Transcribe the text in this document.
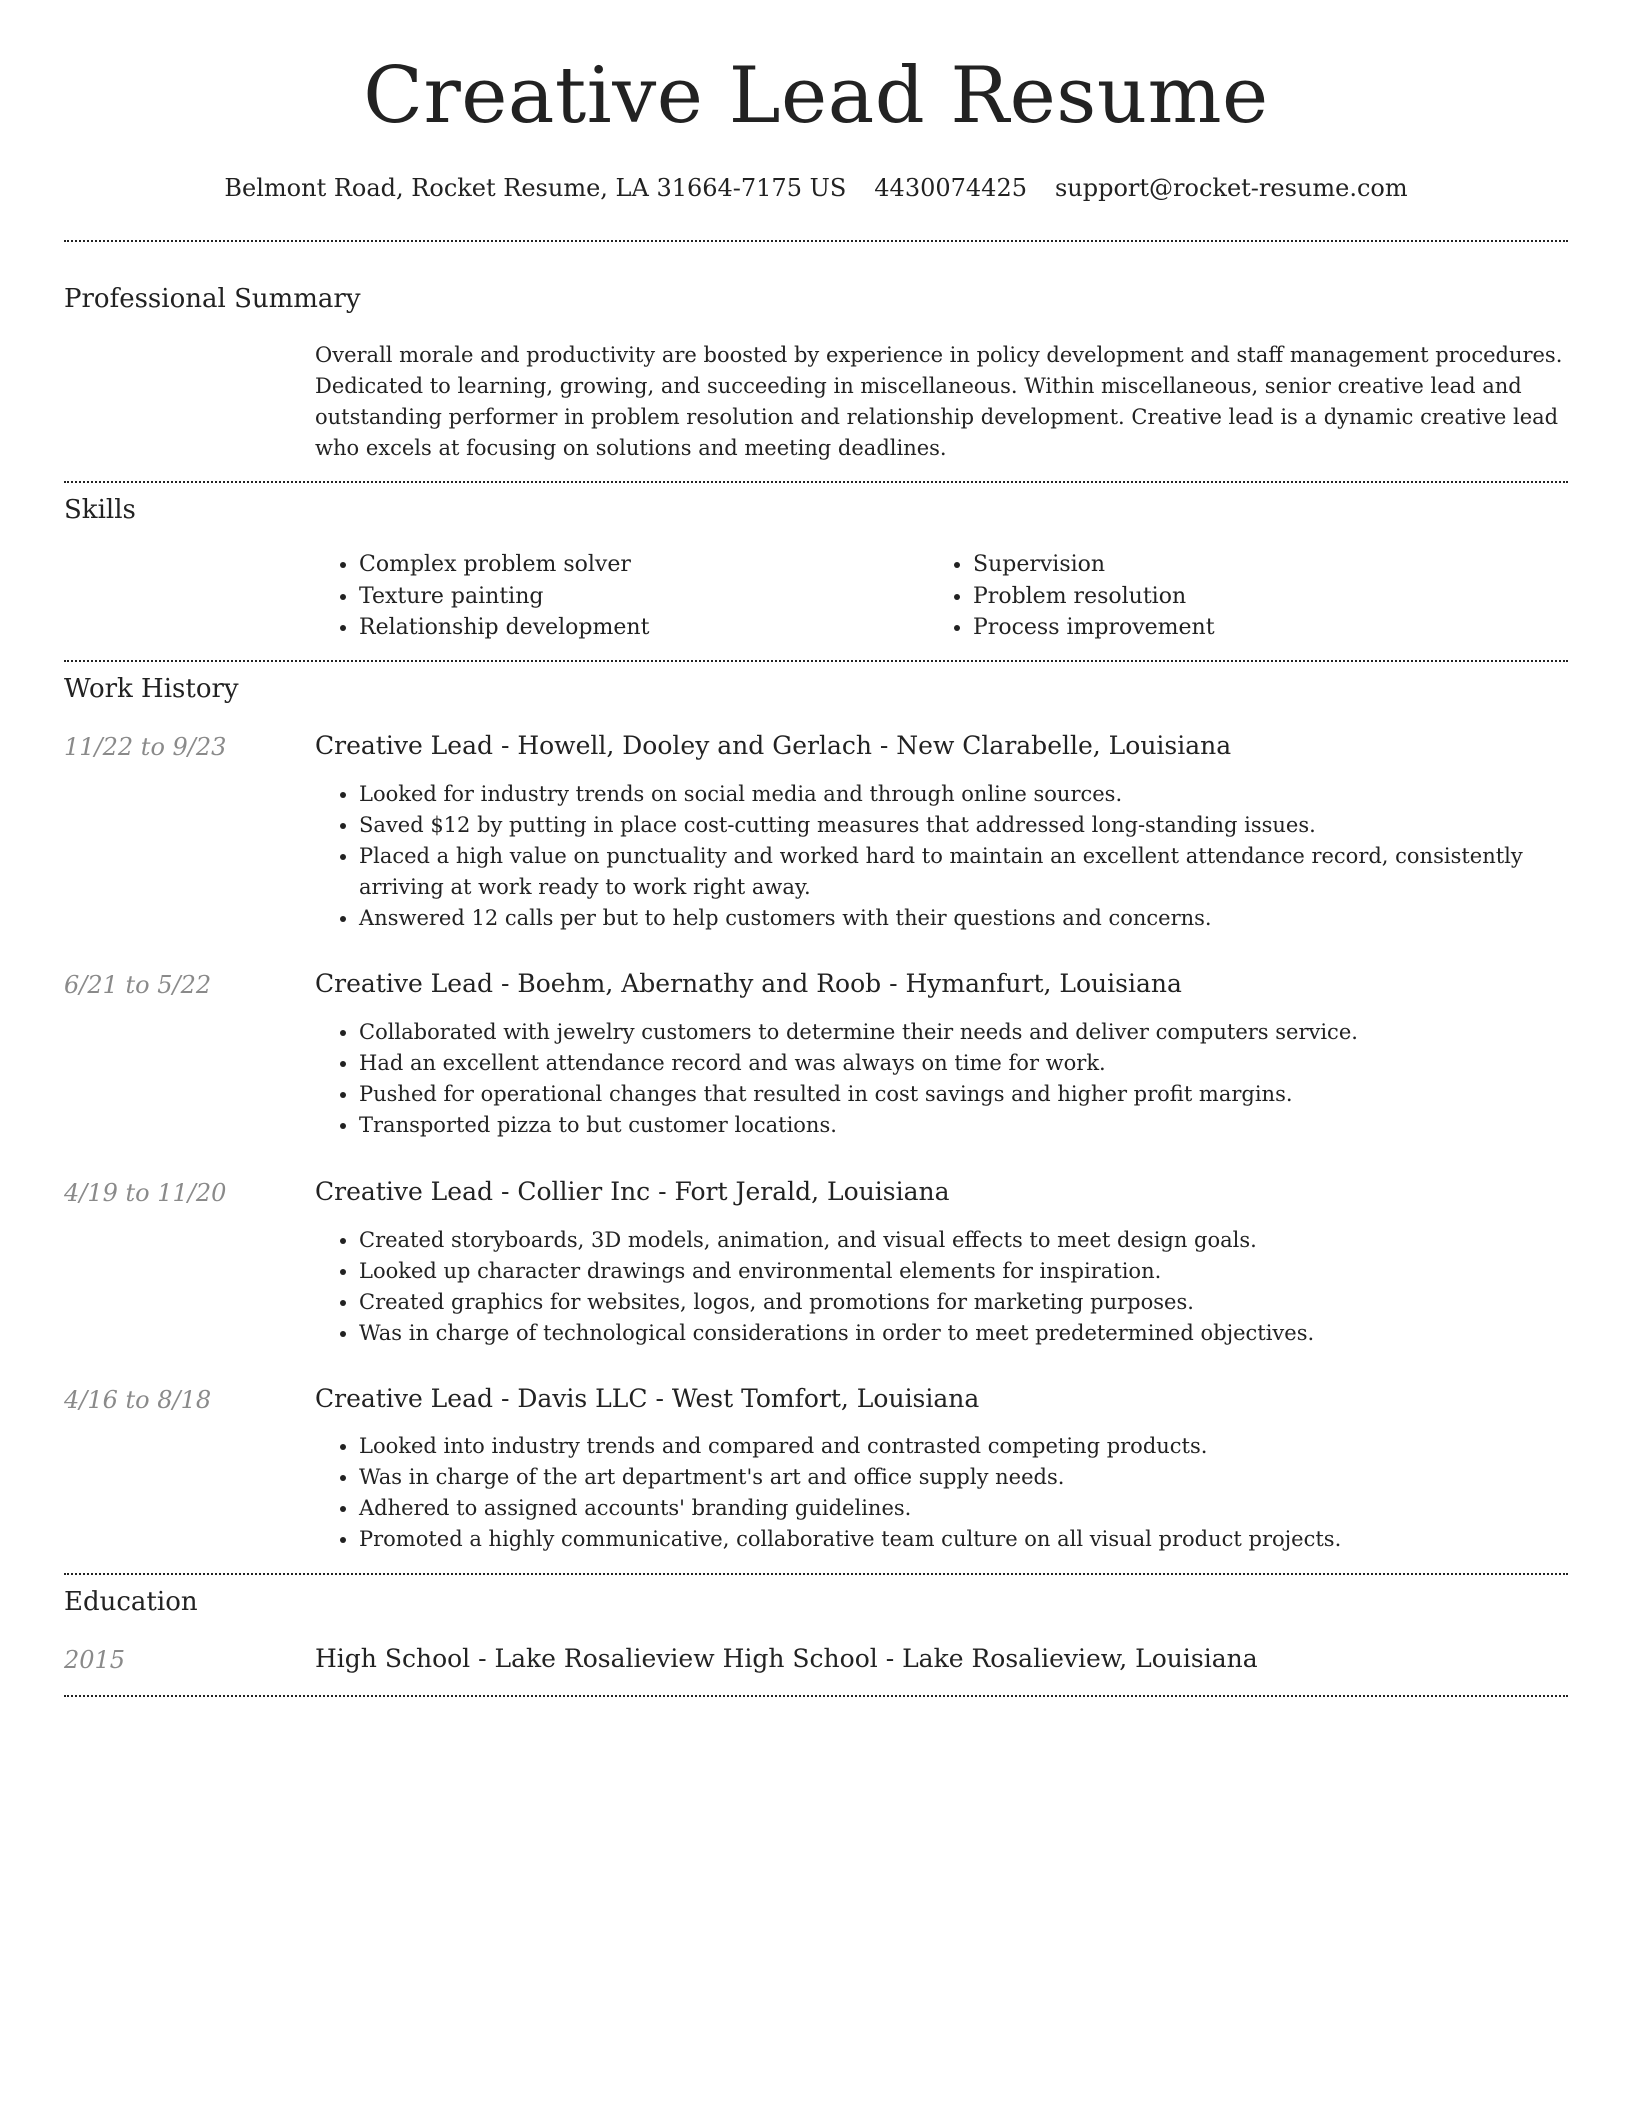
Creative Lead Resume
Belmont Road, Rocket Resume, LA 31664-7175 US 4430074425 support@rocket-resume.com
Professional Summary
Overall morale and productivity are boosted by experience in policy development and staff management procedures. Dedicated to learning, growing, and succeeding in miscellaneous. Within miscellaneous, senior creative lead and outstanding performer in problem resolution and relationship development. Creative lead is a dynamic creative lead who excels at focusing on solutions and meeting deadlines.
Skills
• Complex problem solver
• Texture painting
• Relationship development
• Supervision
• Problem resolution
• Process improvement
Work History
11/22 to 9/23	Creative Lead - Howell, Dooley and Gerlach - New Clarabelle, Louisiana
• Looked for industry trends on social media and through online sources.
• Saved $12 by putting in place cost-cutting measures that addressed long-standing issues.
• Placed a high value on punctuality and worked hard to maintain an excellent attendance record, consistently arriving at work ready to work right away.
• Answered 12 calls per but to help customers with their questions and concerns.
6/21 to 5/22	Creative Lead - Boehm, Abernathy and Roob - Hymanfurt, Louisiana
• Collaborated with jewelry customers to determine their needs and deliver computers service.
• Had an excellent attendance record and was always on time for work.
• Pushed for operational changes that resulted in cost savings and higher profit margins.
• Transported pizza to but customer locations.
4/19 to 11/20	Creative Lead - Collier Inc - Fort Jerald, Louisiana
• Created storyboards, 3D models, animation, and visual effects to meet design goals.
• Looked up character drawings and environmental elements for inspiration.
• Created graphics for websites, logos, and promotions for marketing purposes.
• Was in charge of technological considerations in order to meet predetermined objectives.
4/16 to 8/18	Creative Lead - Davis LLC - West Tomfort, Louisiana
• Looked into industry trends and compared and contrasted competing products.
• Was in charge of the art department's art and office supply needs.
• Adhered to assigned accounts' branding guidelines.
• Promoted a highly communicative, collaborative team culture on all visual product projects.
Education
2015	High School - Lake Rosalieview High School - Lake Rosalieview, Louisiana
